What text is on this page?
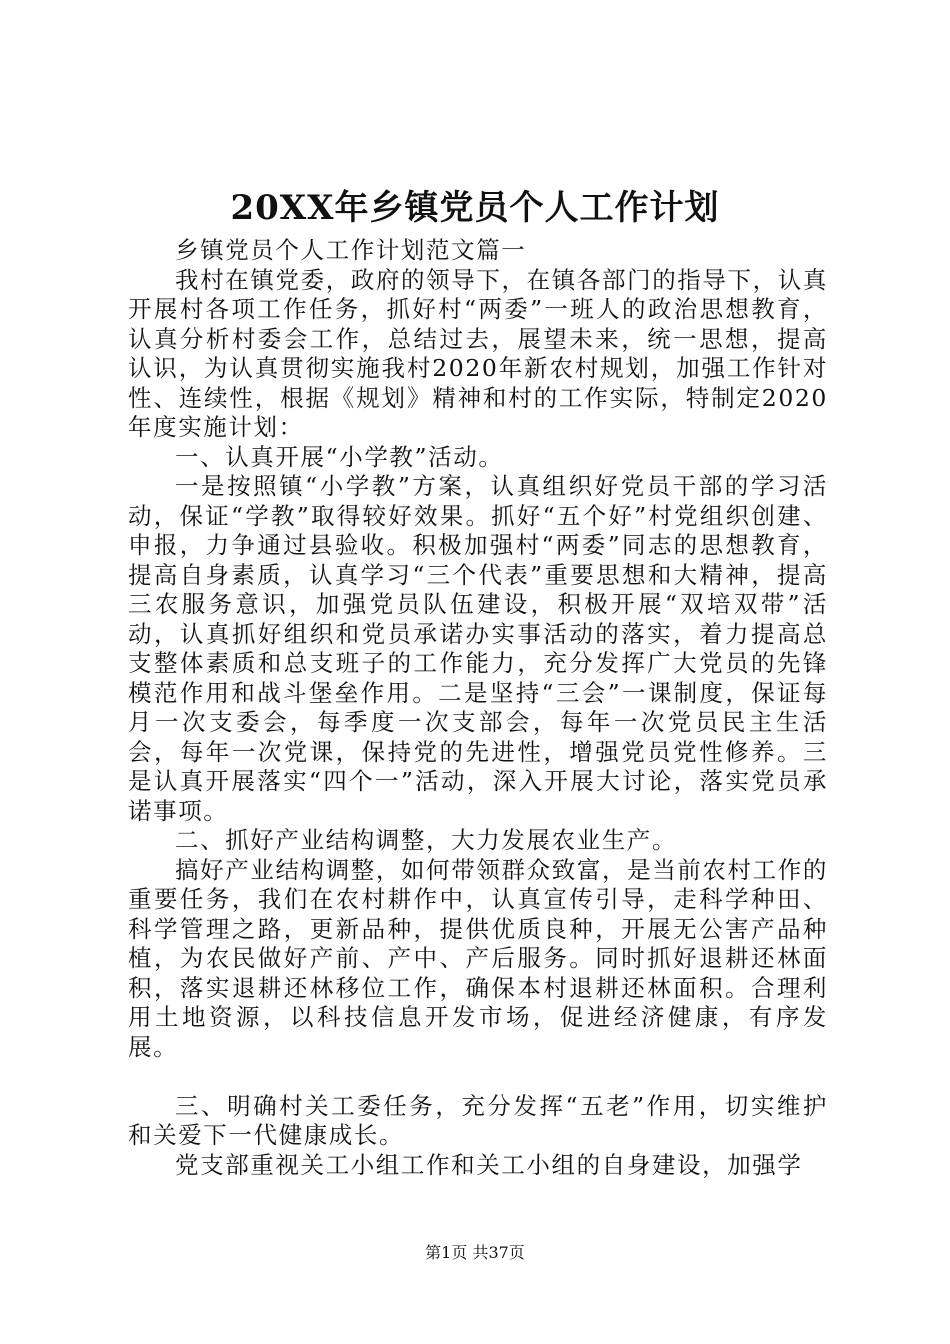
20XX年乡镇党员个人工作计划

乡镇党员个人工作计划范文篇一

我村在镇党委，政府的领导下，在镇各部门的指导下，认真开展村各项工作任务，抓好村“两委”一班人的政治思想教育，认真分析村委会工作，总结过去，展望未来，统一思想，提高认识，为认真贯彻实施我村2020年新农村规划，加强工作针对性、连续性，根据《规划》精神和村的工作实际，特制定2020年度实施计划：

一、认真开展“小学教”活动。

一是按照镇“小学教”方案，认真组织好党员干部的学习活动，保证“学教”取得较好效果。抓好“五个好”村党组织创建、申报，力争通过县验收。积极加强村“两委”同志的思想教育，提高自身素质，认真学习“三个代表”重要思想和大精神，提高三农服务意识，加强党员队伍建设，积极开展“双培双带”活动，认真抓好组织和党员承诺办实事活动的落实，着力提高总支整体素质和总支班子的工作能力，充分发挥广大党员的先锋模范作用和战斗堡垒作用。二是坚持“三会”一课制度，保证每月一次支委会，每季度一次支部会，每年一次党员民主生活会，每年一次党课，保持党的先进性，增强党员党性修养。三是认真开展落实“四个一”活动，深入开展大讨论，落实党员承诺事项。

二、抓好产业结构调整，大力发展农业生产。

搞好产业结构调整，如何带领群众致富，是当前农村工作的重要任务，我们在农村耕作中，认真宣传引导，走科学种田、科学管理之路，更新品种，提供优质良种，开展无公害产品种植，为农民做好产前、产中、产后服务。同时抓好退耕还林面积，落实退耕还林移位工作，确保本村退耕还林面积。合理利用土地资源，以科技信息开发市场，促进经济健康，有序发展。

三、明确村关工委任务，充分发挥“五老”作用，切实维护和关爱下一代健康成长。

党支部重视关工小组工作和关工小组的自身建设，加强学

第1页 共37页
